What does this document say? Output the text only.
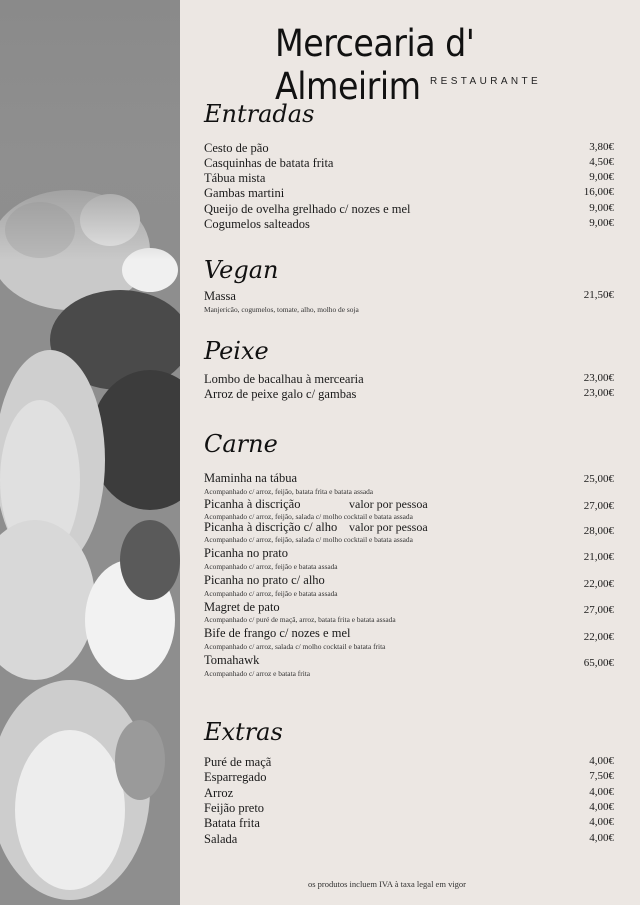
Mercearia d' Almeirim RESTAURANTE
Entradas
Cesto de pão	3,80€
Casquinhas de batata frita	4,50€
Tábua mista	9,00€
Gambas martini	16,00€
Queijo de ovelha grelhado c/ nozes e mel	9,00€
Cogumelos salteados	9,00€
Vegan
Massa	21,50€
Manjericão, cogumelos, tomate, alho, molho de soja
Peixe
Lombo de bacalhau à mercearia	23,00€
Arroz de peixe galo c/ gambas	23,00€
Carne
Maminha na tábua	25,00€
Acompanhado c/ arroz, feijão, batata frita e batata assada
Picanha à discrição	valor por pessoa	27,00€
Acompanhado c/ arroz, feijão, salada c/ molho cocktail e batata assada
Picanha à discrição c/ alho valor por pessoa	28,00€
Acompanhado c/ arroz, feijão, salada c/ molho cocktail e batata assada
Picanha no prato	21,00€
Acompanhado c/ arroz, feijão e batata assada
Picanha no prato c/ alho	22,00€
Acompanhado c/ arroz, feijão e batata assada
Magret de pato	27,00€
Acompanhado c/ puré de maçã, arroz, batata frita e batata assada
Bife de frango c/ nozes e mel	22,00€
Acompanhado c/ arroz, salada c/ molho cocktail e batata frita
Tomahawk	65,00€
Acompanhado c/ arroz e batata frita
Extras
Puré de maçã	4,00€
Esparregado	7,50€
Arroz	4,00€
Feijão preto	4,00€
Batata frita	4,00€
Salada	4,00€
os produtos incluem IVA à taxa legal em vigor
